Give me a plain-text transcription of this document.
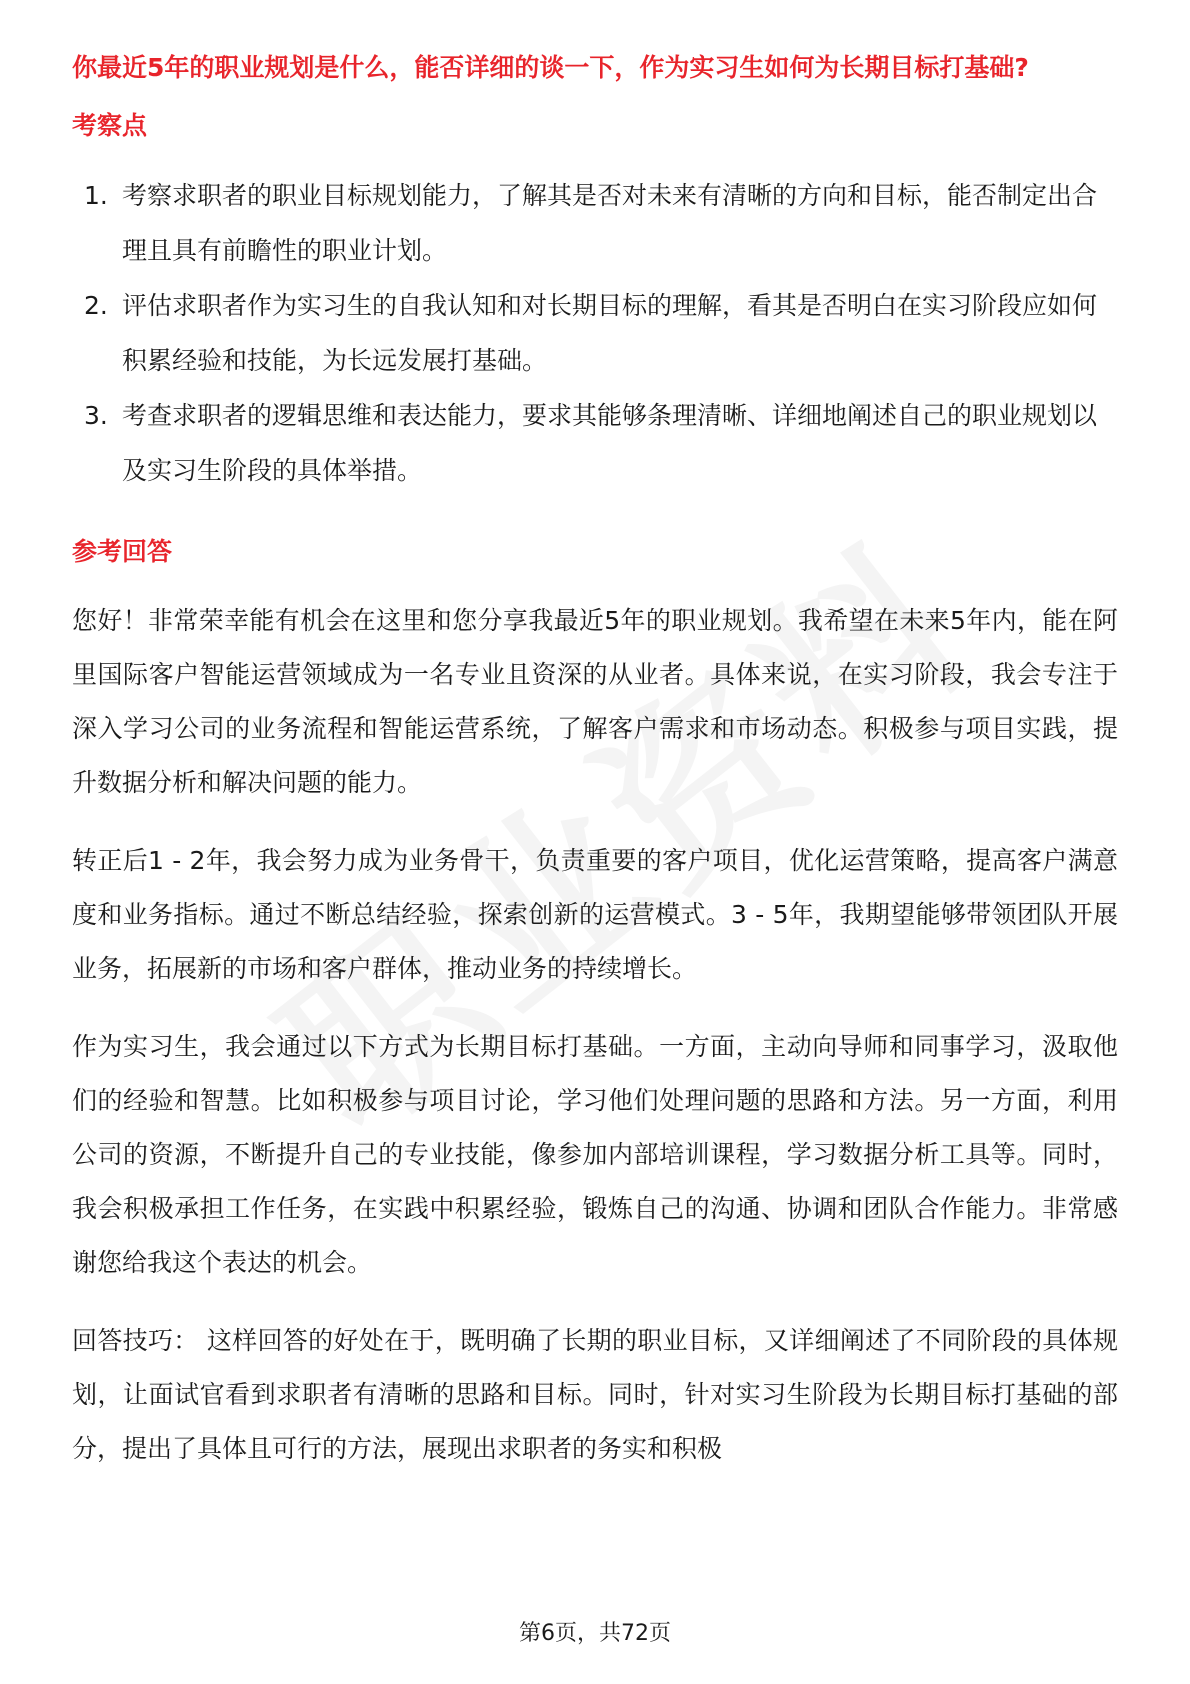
你最近5年的职业规划是什么，能否详细的谈一下，作为实习生如何为长期目标打基础?

考察点

1. 考察求职者的职业目标规划能力，了解其是否对未来有清晰的方向和目标，能否制定出合理且具有前瞻性的职业计划。
2. 评估求职者作为实习生的自我认知和对长期目标的理解，看其是否明白在实习阶段应如何积累经验和技能，为长远发展打基础。
3. 考查求职者的逻辑思维和表达能力，要求其能够条理清晰、详细地阐述自己的职业规划以及实习生阶段的具体举措。

参考回答

您好！非常荣幸能有机会在这里和您分享我最近5年的职业规划。我希望在未来5年内，能在阿里国际客户智能运营领域成为一名专业且资深的从业者。具体来说，在实习阶段，我会专注于深入学习公司的业务流程和智能运营系统，了解客户需求和市场动态。积极参与项目实践，提升数据分析和解决问题的能力。

转正后1 - 2年，我会努力成为业务骨干，负责重要的客户项目，优化运营策略，提高客户满意度和业务指标。通过不断总结经验，探索创新的运营模式。3 - 5年，我期望能够带领团队开展业务，拓展新的市场和客户群体，推动业务的持续增长。

作为实习生，我会通过以下方式为长期目标打基础。一方面，主动向导师和同事学习，汲取他们的经验和智慧。比如积极参与项目讨论，学习他们处理问题的思路和方法。另一方面，利用公司的资源，不断提升自己的专业技能，像参加内部培训课程，学习数据分析工具等。同时，我会积极承担工作任务，在实践中积累经验，锻炼自己的沟通、协调和团队合作能力。非常感谢您给我这个表达的机会。

回答技巧： 这样回答的好处在于，既明确了长期的职业目标，又详细阐述了不同阶段的具体规划，让面试官看到求职者有清晰的思路和目标。同时，针对实习生阶段为长期目标打基础的部分，提出了具体且可行的方法，展现出求职者的务实和积极

第6页，共72页
